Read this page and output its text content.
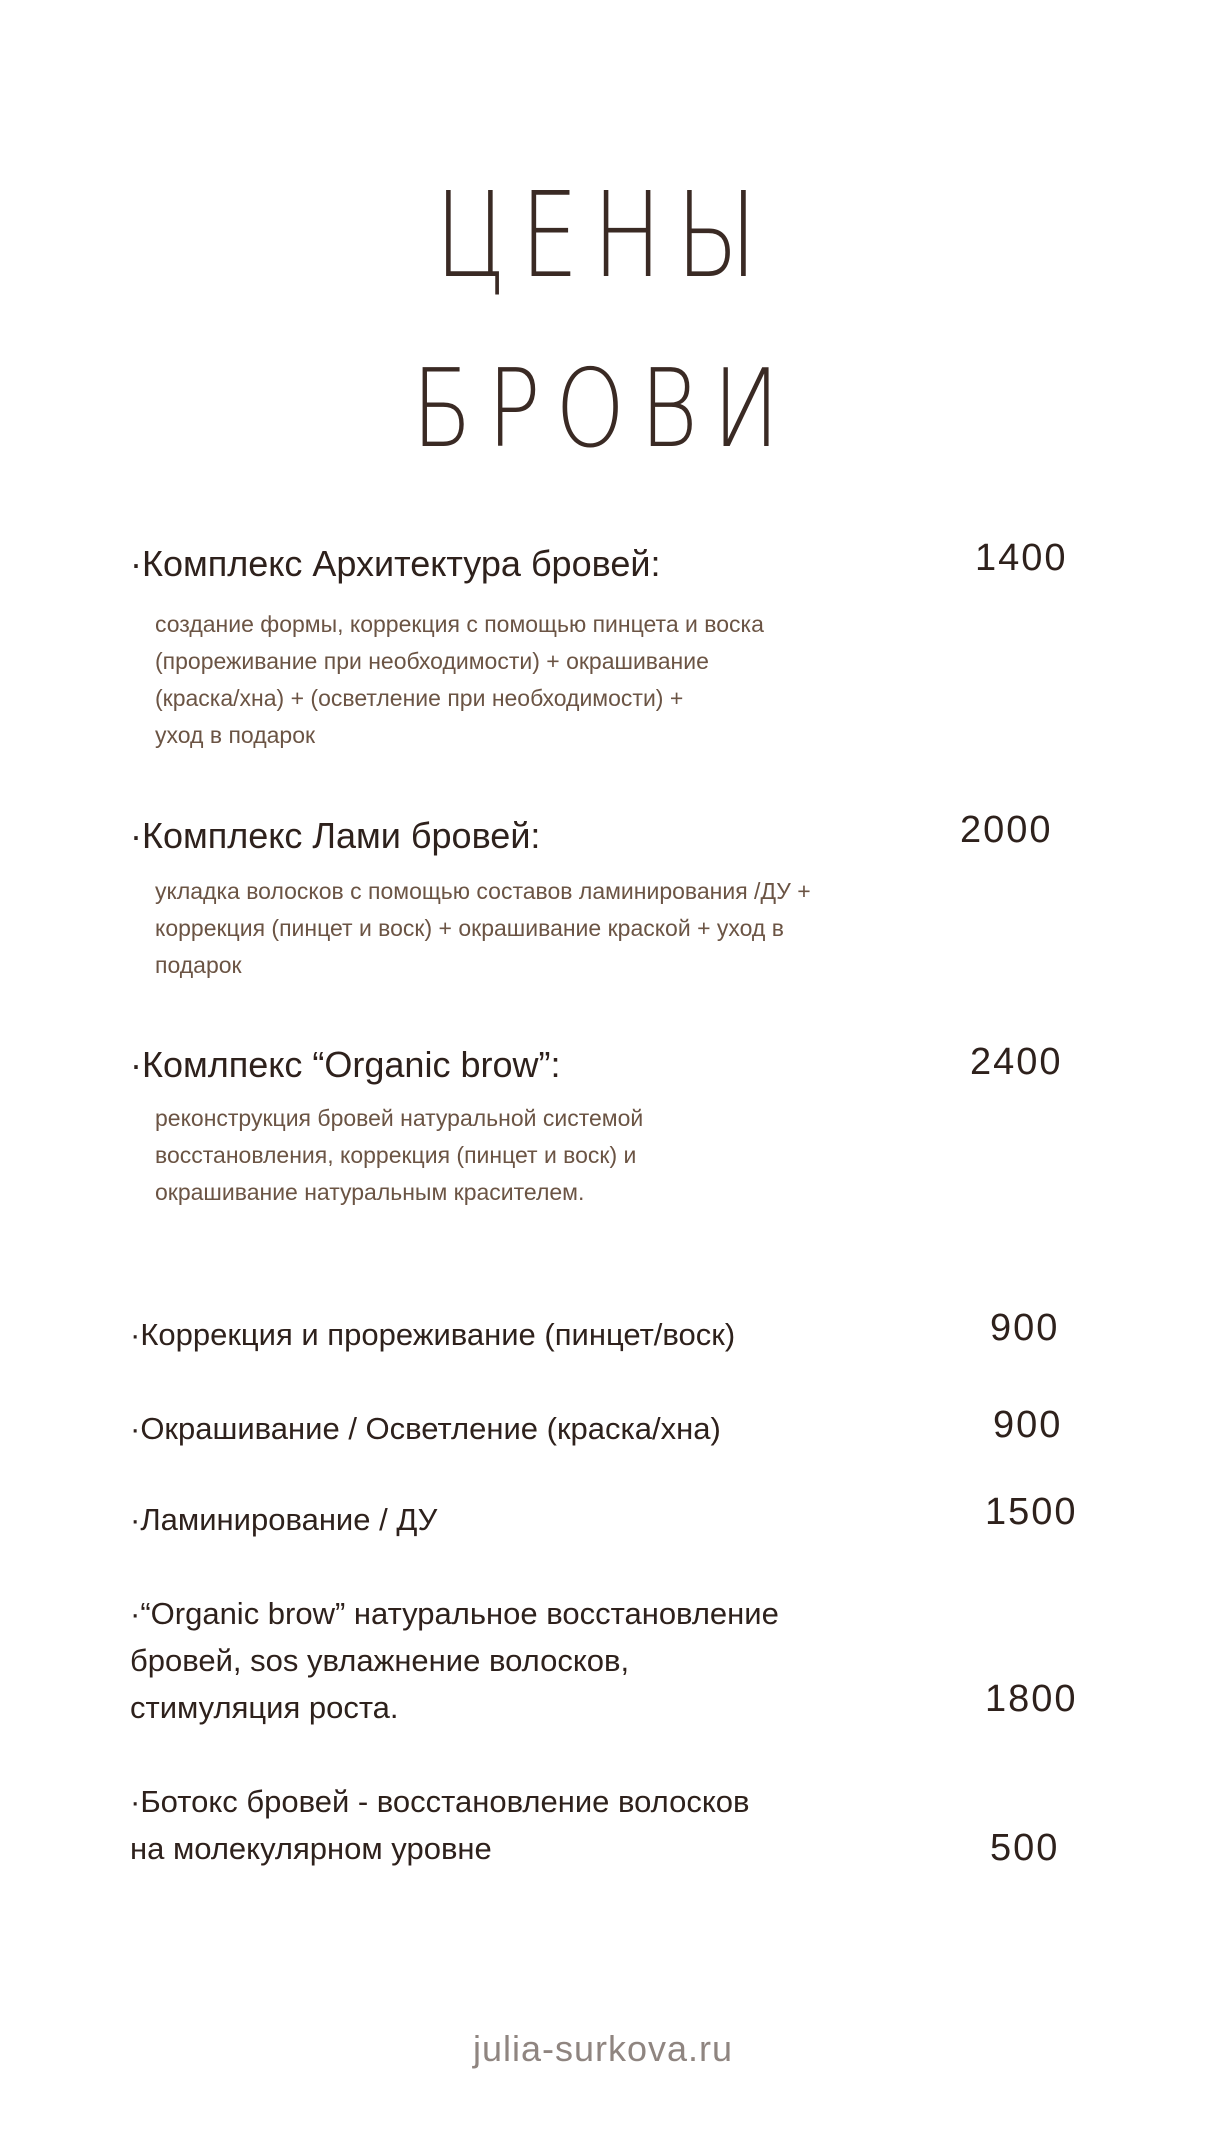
ЦЕНЫ
БРОВИ
·Комплекс Архитектура бровей:	1400
создание формы, коррекция с помощью пинцета и воска
(прореживание при необходимости) + окрашивание
(краска/хна) + (осветление при необходимости) +
уход в подарок
·Комплекс Лами бровей:	2000
укладка волосков с помощью составов ламинирования /ДУ +
коррекция (пинцет и воск) + окрашивание краской + уход в
подарок
·Комлпекс “Organic brow”:	2400
реконструкция бровей натуральной системой
восстановления, коррекция (пинцет и воск) и
окрашивание натуральным красителем.
·Коррекция и прореживание (пинцет/воск)	900
·Окрашивание / Осветление (краска/хна)	900
·Ламинирование / ДУ	1500
·“Organic brow” натуральное восстановление
бровей, sos увлажнение волосков,
стимуляция роста.	1800
·Ботокс бровей - восстановление волосков
на молекулярном уровне	500
julia-surkova.ru
